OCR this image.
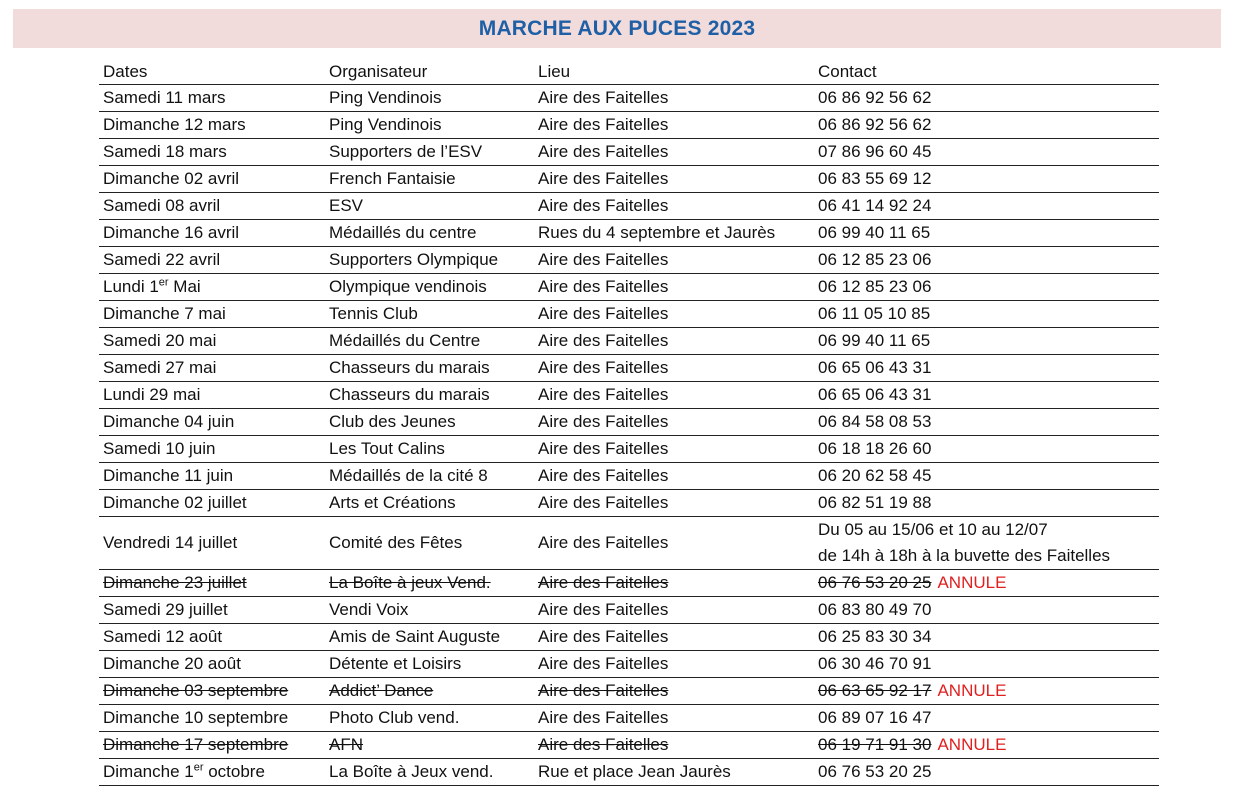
MARCHE AUX PUCES 2023
Dates	Organisateur	Lieu	Contact
Samedi 11 mars	Ping Vendinois	Aire des Faitelles	06 86 92 56 62
Dimanche 12 mars	Ping Vendinois	Aire des Faitelles	06 86 92 56 62
Samedi 18 mars	Supporters de l’ESV	Aire des Faitelles	07 86 96 60 45
Dimanche 02 avril	French Fantaisie	Aire des Faitelles	06 83 55 69 12
Samedi 08 avril	ESV	Aire des Faitelles	06 41 14 92 24
Dimanche 16 avril	Médaillés du centre	Rues du 4 septembre et Jaurès	06 99 40 11 65
Samedi 22 avril	Supporters Olympique	Aire des Faitelles	06 12 85 23 06
Lundi 1er Mai	Olympique vendinois	Aire des Faitelles	06 12 85 23 06
Dimanche 7 mai	Tennis Club	Aire des Faitelles	06 11 05 10 85
Samedi 20 mai	Médaillés du Centre	Aire des Faitelles	06 99 40 11 65
Samedi 27 mai	Chasseurs du marais	Aire des Faitelles	06 65 06 43 31
Lundi 29 mai	Chasseurs du marais	Aire des Faitelles	06 65 06 43 31
Dimanche 04 juin	Club des Jeunes	Aire des Faitelles	06 84 58 08 53
Samedi 10 juin	Les Tout Calins	Aire des Faitelles	06 18 18 26 60
Dimanche 11 juin	Médaillés de la cité 8	Aire des Faitelles	06 20 62 58 45
Dimanche 02 juillet	Arts et Créations	Aire des Faitelles	06 82 51 19 88
Vendredi 14 juillet	Comité des Fêtes	Aire des Faitelles	Du 05 au 15/06 et 10 au 12/07
de 14h à 18h à la buvette des Faitelles

Dimanche 23 juillet	La Boîte à jeux Vend.	Aire des Faitelles	06 76 53 20 25 ANNULE
Samedi 29 juillet	Vendi Voix	Aire des Faitelles	06 83 80 49 70
Samedi 12 août	Amis de Saint Auguste	Aire des Faitelles	06 25 83 30 34
Dimanche 20 août	Détente et Loisirs	Aire des Faitelles	06 30 46 70 91
Dimanche 03 septembre	Addict’ Dance	Aire des Faitelles	06 63 65 92 17 ANNULE
Dimanche 10 septembre	Photo Club vend.	Aire des Faitelles	06 89 07 16 47
Dimanche 17 septembre	AFN	Aire des Faitelles	06 19 71 91 30 ANNULE
Dimanche 1er octobre	La Boîte à Jeux vend.	Rue et place Jean Jaurès	06 76 53 20 25
